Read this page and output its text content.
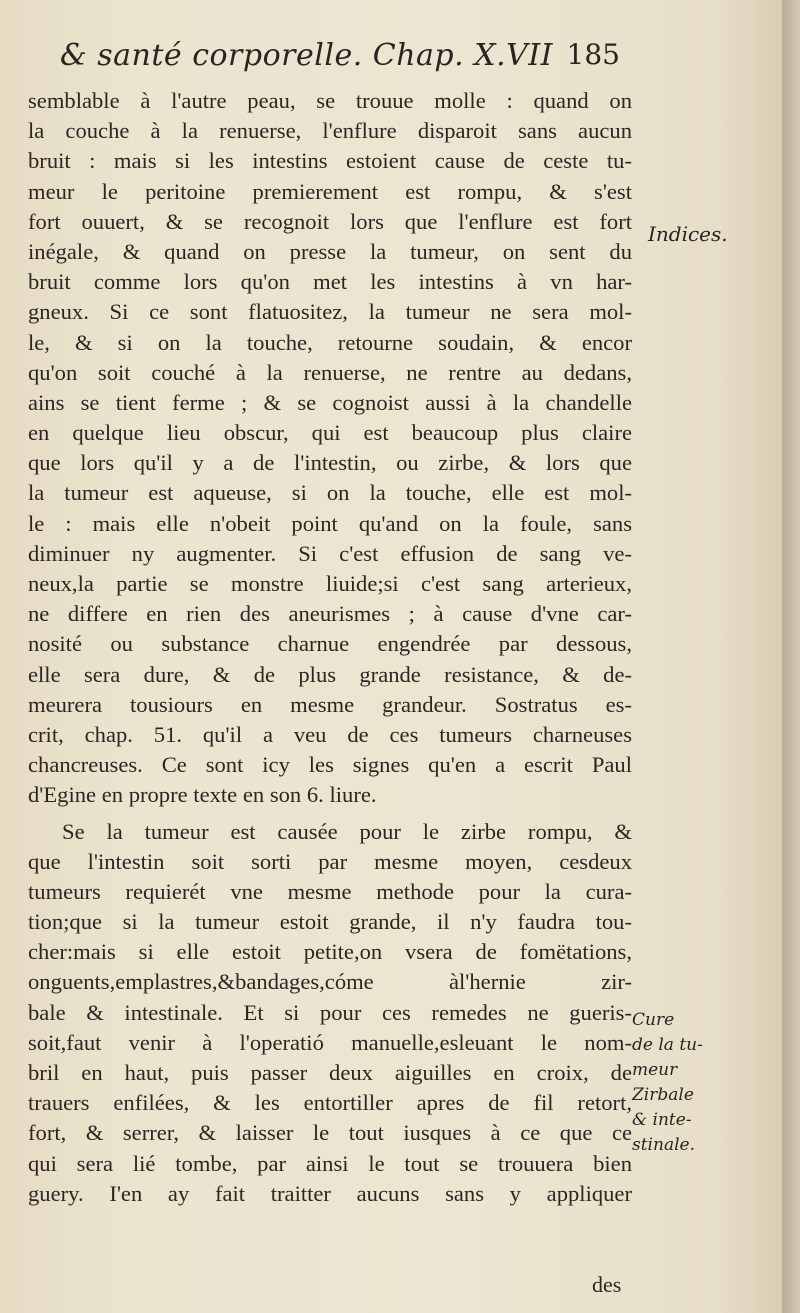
& santé corporelle. Chap. X.VII 185
semblable à l'autre peau, se trouue molle : quand on
la couche à la renuerse, l'enflure disparoit sans aucun
bruit : mais si les intestins estoient cause de ceste tu-
meur le peritoine premierement est rompu, & s'est
fort ouuert, & se recognoit lors que l'enflure est fort
inégale, & quand on presse la tumeur, on sent du
bruit comme lors qu'on met les intestins à vn har-
gneux. Si ce sont flatuositez, la tumeur ne sera mol-
le, & si on la touche, retourne soudain, & encor
qu'on soit couché à la renuerse, ne rentre au dedans,
ains se tient ferme ; & se cognoist aussi à la chandelle
en quelque lieu obscur, qui est beaucoup plus claire
que lors qu'il y a de l'intestin, ou zirbe, & lors que
la tumeur est aqueuse, si on la touche, elle est mol-
le : mais elle n'obeit point qu'and on la foule, sans
diminuer ny augmenter. Si c'est effusion de sang ve-
neux,la partie se monstre liuide;si c'est sang arterieux,
ne differe en rien des aneurismes ; à cause d'vne car-
nosité ou substance charnue engendrée par dessous,
elle sera dure, & de plus grande resistance, & de-
meurera tousiours en mesme grandeur. Sostratus es-
crit, chap. 51. qu'il a veu de ces tumeurs charneuses
chancreuses. Ce sont icy les signes qu'en a escrit Paul
d'Egine en propre texte en son 6. liure.
Se la tumeur est causée pour le zirbe rompu, &
que l'intestin soit sorti par mesme moyen, cesdeux
tumeurs requierét vne mesme methode pour la cura-
tion;que si la tumeur estoit grande, il n'y faudra tou-
cher:mais si elle estoit petite,on vsera de fomëtations,
onguents,emplastres,&bandages,cóme àl'hernie zir-
bale & intestinale. Et si pour ces remedes ne gueris-
soit,faut venir à l'operatió manuelle,esleuant le nom-
bril en haut, puis passer deux aiguilles en croix, de
trauers enfilées, & les entortiller apres de fil retort,
fort, & serrer, & laisser le tout iusques à ce que ce
qui sera lié tombe, par ainsi le tout se trouuera bien
guery. I'en ay fait traitter aucuns sans y appliquer
Indices.
Cure
de la tu-
meur
Zirbale
& inte-
stinale.
des
